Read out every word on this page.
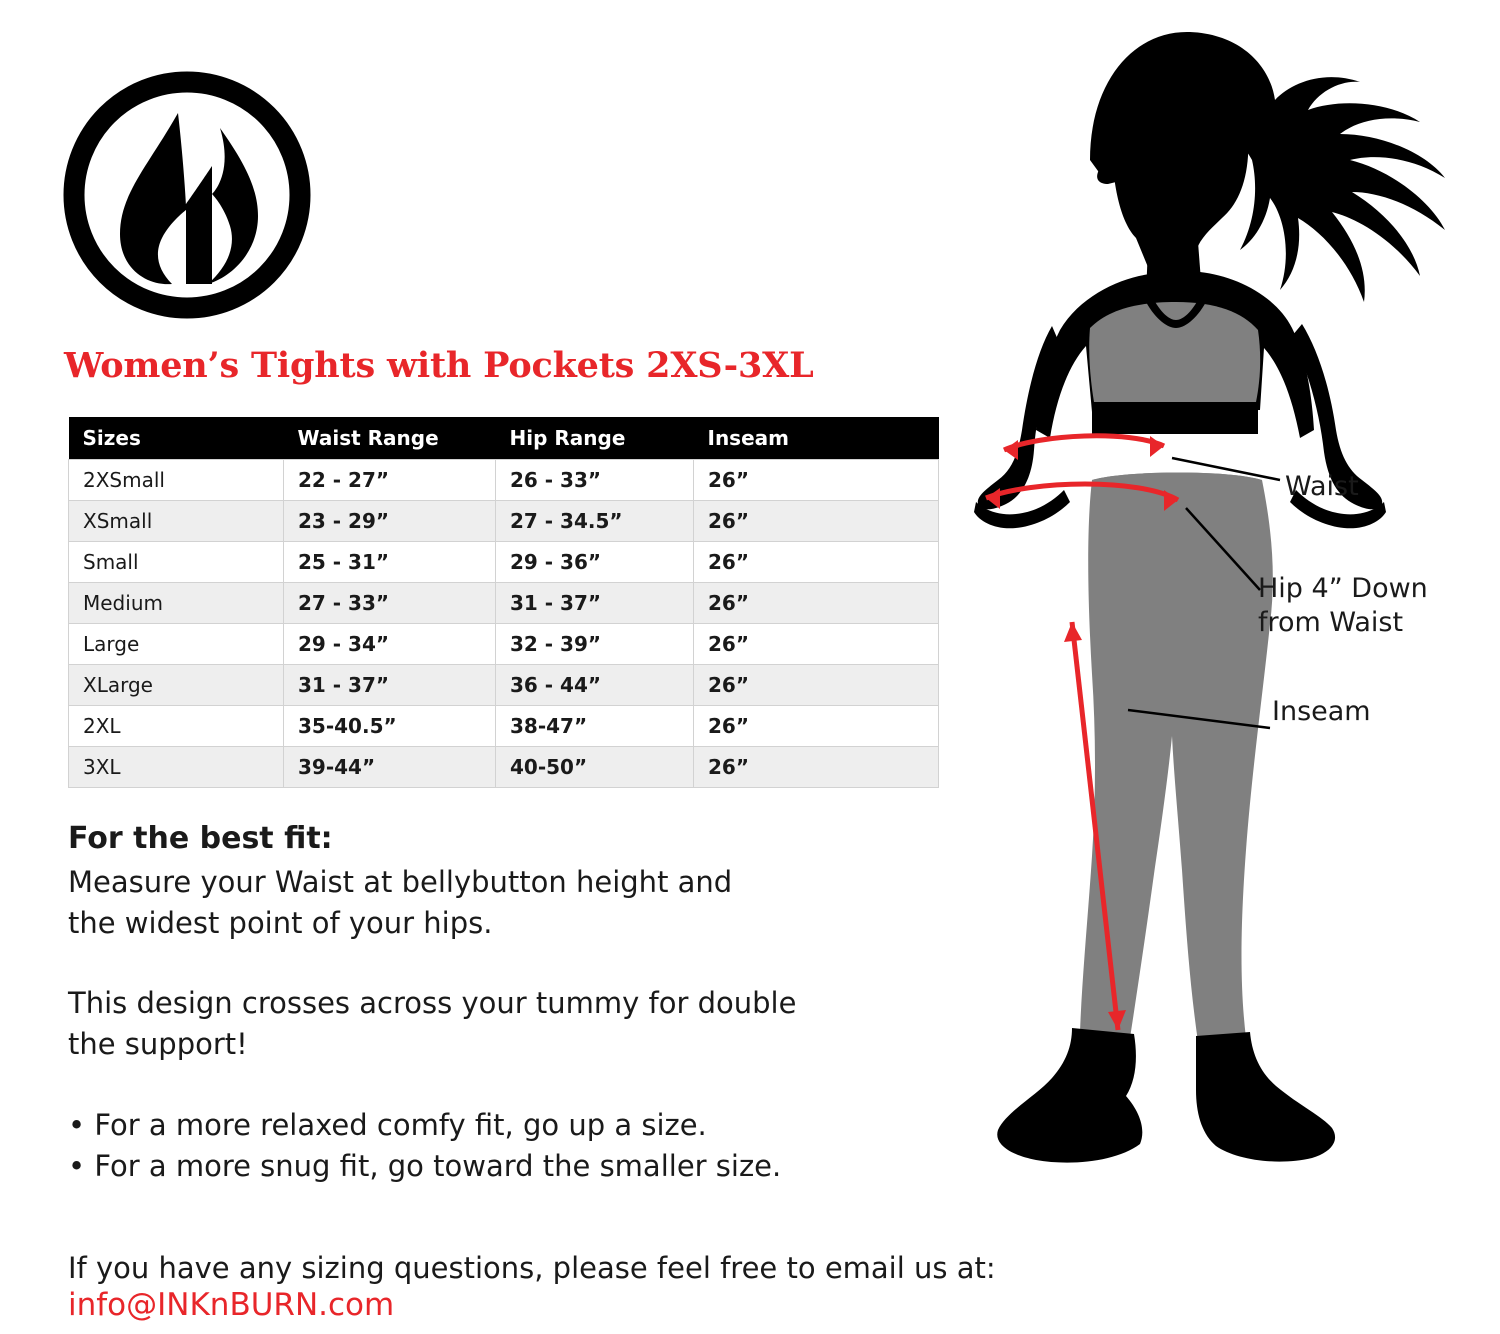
Women’s Tights with Pockets 2XS-3XL
Sizes	Waist Range	Hip Range	Inseam
2XSmall	22 - 27”	26 - 33”	26”
XSmall	23 - 29”	27 - 34.5”	26”
Small	25 - 31”	29 - 36”	26”
Medium	27 - 33”	31 - 37”	26”
Large	29 - 34”	32 - 39”	26”
XLarge	31 - 37”	36 - 44”	26”
2XL	35-40.5”	38-47”	26”
3XL	39-44”	40-50”	26”
For the best fit:
Measure your Waist at bellybutton height and
the widest point of your hips.
This design crosses across your tummy for double
the support!
• For a more relaxed comfy fit, go up a size.
• For a more snug fit, go toward the smaller size.
If you have any sizing questions, please feel free to email us at:
info@INKnBURN.com
Waist
Hip 4” Down
from Waist
Inseam
